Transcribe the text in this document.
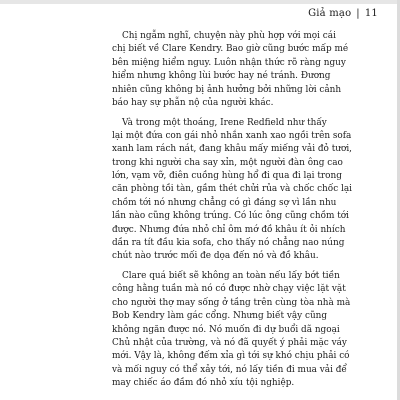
Giả mạo | 11
Chị ngẫm nghĩ, chuyện này phù hợp với mọi cái
chị biết về Clare Kendry. Bao giờ cũng bước mấp mé
bên miệng hiểm nguy. Luôn nhận thức rõ ràng nguy
hiểm nhưng không lùi bước hay né tránh. Đương
nhiên cũng không bị ảnh hưởng bởi những lời cảnh
báo hay sự phẫn nộ của người khác.
Và trong một thoáng, Irene Redfield như thấy
lại một đứa con gái nhỏ nhắn xanh xao ngồi trên sofa
xanh lam rách nát, đang khâu mấy miếng vải đỏ tươi,
trong khi người cha say xỉn, một người đàn ông cao
lớn, vạm vỡ, điên cuồng hùng hổ đi qua đi lại trong
căn phòng tồi tàn, gầm thét chửi rủa và chốc chốc lại
chồm tới nó nhưng chẳng có gì đáng sợ vì lần nhu
lần nào cũng không trúng. Có lúc ông cũng chồm tới
được. Nhưng đứa nhỏ chỉ ôm mớ đồ khâu ít ỏi nhích
dần ra tít đầu kia sofa, cho thấy nó chẳng nao núng
chút nào trước mối đe dọa đến nó và đồ khâu.
Clare quá biết sẽ không an toàn nếu lấy bớt tiền
công hằng tuần mà nó có được nhờ chạy việc lặt vặt
cho người thợ may sống ở tầng trên cùng tòa nhà mà
Bob Kendry làm gác cổng. Nhưng biết vậy cũng
không ngăn được nó. Nó muốn đi dự buổi dã ngoại
Chủ nhật của trường, và nó đã quyết ý phải mặc váy
mới. Vậy là, không đếm xỉa gì tới sự khó chịu phải có
và mối nguy có thể xảy tới, nó lấy tiền đi mua vải để
may chiếc áo đầm đó nhỏ xíu tội nghiệp.
